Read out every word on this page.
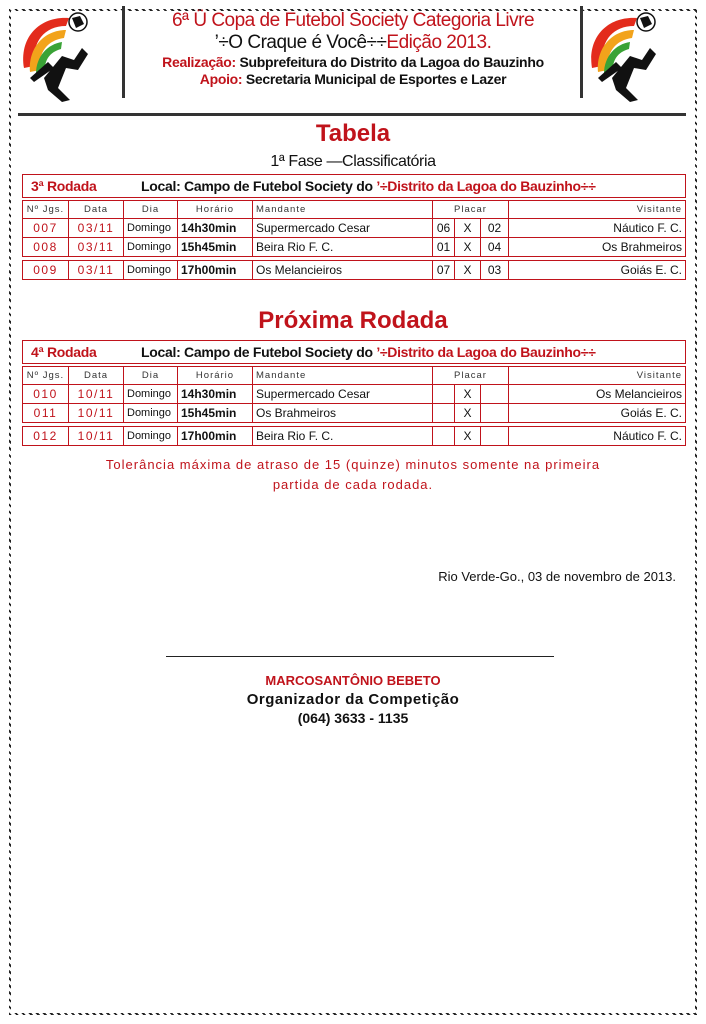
6ª Ü Copa de Futebol Society Categoria Livre
’÷O Craque é Você÷÷Edição 2013.
Realização: Subprefeitura do Distrito da Lagoa do Bauzinho
Apoio: Secretaria Municipal de Esportes e Lazer
Tabela
1ª Fase —Classificatória
3ª Rodada	Local: Campo de Futebol Society do ’÷Distrito da Lagoa do Bauzinho÷÷
Nº Jgs.	Data	Dia	Horário	Mandante	Placar			Visitante
007	03/11	Domingo	14h30min	Supermercado Cesar	06	X	02	Náutico F. C.
008	03/11	Domingo	15h45min	Beira Rio F. C.	01	X	04	Os Brahmeiros

009	03/11	Domingo	17h00min	Os Melancieiros	07	X	03	Goiás E. C.
Próxima Rodada
4ª Rodada	Local: Campo de Futebol Society do ’÷Distrito da Lagoa do Bauzinho÷÷
Nº Jgs.	Data	Dia	Horário	Mandante	Placar			Visitante
010	10/11	Domingo	14h30min	Supermercado Cesar		X		Os Melancieiros
011	10/11	Domingo	15h45min	Os Brahmeiros		X		Goiás E. C.

012	10/11	Domingo	17h00min	Beira Rio F. C.		X		Náutico F. C.
Tolerância máxima de atraso de 15 (quinze) minutos somente na primeira
partida de cada rodada.
Rio Verde-Go., 03 de novembro de 2013.
MARCOSANTÔNIO BEBETO
Organizador da Competição
(064) 3633 - 1135
